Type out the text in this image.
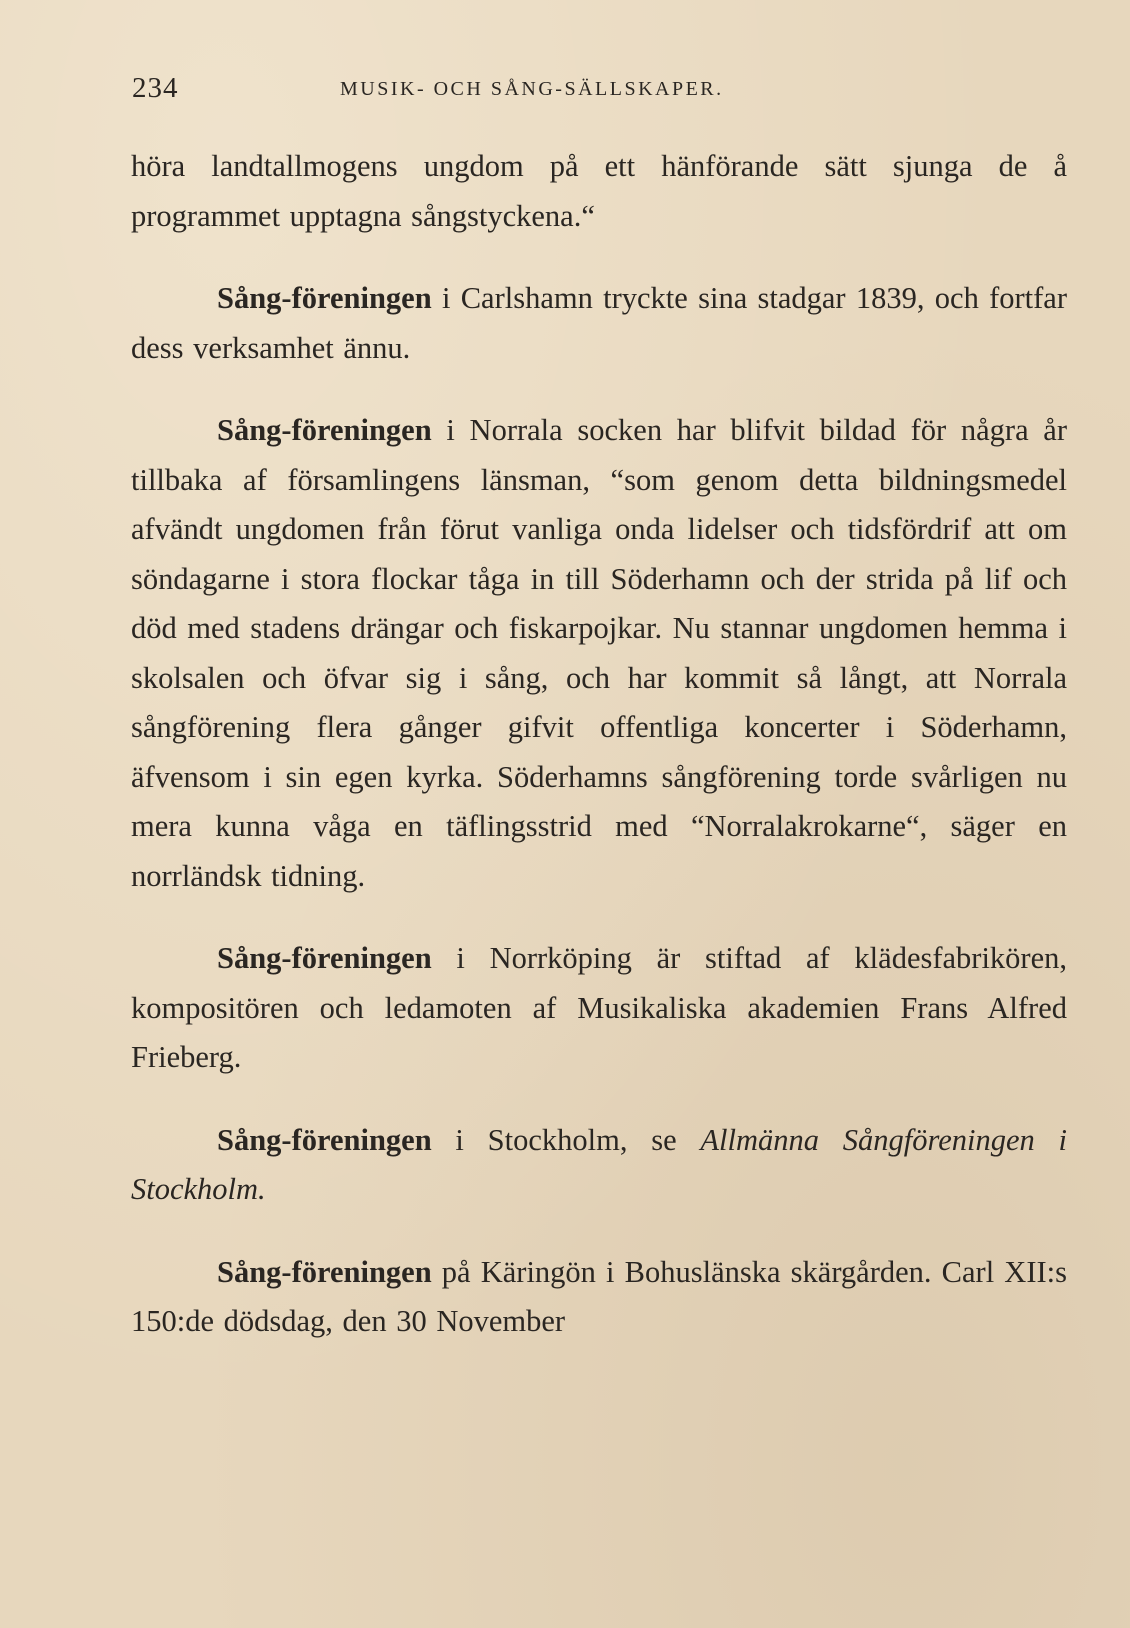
234	MUSIK- OCH SÅNG-SÄLLSKAPER.

höra landtallmogens ungdom på ett hänförande sätt sjunga de å programmet upptagna sångstyckena.“

Sång-föreningen i Carlshamn tryckte sina stadgar 1839, och fortfar dess verksamhet ännu.

Sång-föreningen i Norrala socken har blifvit bildad för några år tillbaka af församlingens länsman, “som genom detta bildningsmedel afvändt ungdomen från förut vanliga onda lidelser och tidsfördrif att om söndagarne i stora flockar tåga in till Söderhamn och der strida på lif och död med stadens drängar och fiskarpojkar. Nu stannar ungdomen hemma i skolsalen och öfvar sig i sång, och har kommit så långt, att Norrala sångförening flera gånger gifvit offentliga koncerter i Söderhamn, äfvensom i sin egen kyrka. Söderhamns sångförening torde svårligen nu mera kunna våga en täflingsstrid med “Norralakrokarne“, säger en norrländsk tidning.

Sång-föreningen i Norrköping är stiftad af klädesfabrikören, kompositören och ledamoten af Musikaliska akademien Frans Alfred Frieberg.

Sång-föreningen i Stockholm, se Allmänna Sångföreningen i Stockholm.

Sång-föreningen på Käringön i Bohuslänska skärgården. Carl XII:s 150:de dödsdag, den 30 November
